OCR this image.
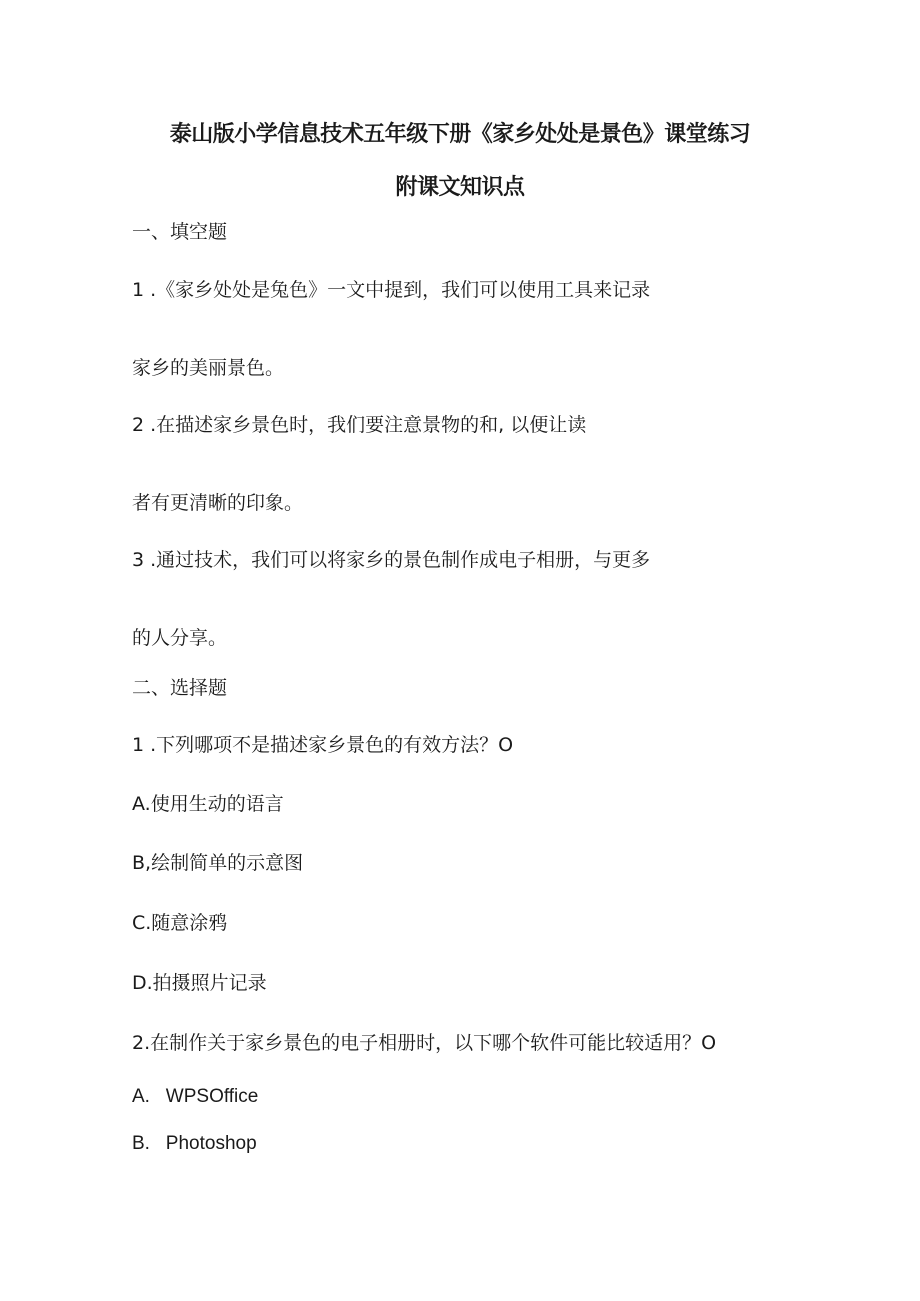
泰山版小学信息技术五年级下册《家乡处处是景色》课堂练习
附课文知识点
一、填空题
1 .《家乡处处是兔色》一文中提到，我们可以使用工具来记录
家乡的美丽景色。
2 .在描述家乡景色时，我们要注意景物的和, 以便让读
者有更清晰的印象。
3 .通过技术，我们可以将家乡的景色制作成电子相册，与更多
的人分享。
二、选择题
1 .下列哪项不是描述家乡景色的有效方法？O
A.使用生动的语言
B,绘制简单的示意图
C.随意涂鸦
D.拍摄照片记录
2.在制作关于家乡景色的电子相册时，以下哪个软件可能比较适用？O
A.   WPSOffice
B.   Photoshop
